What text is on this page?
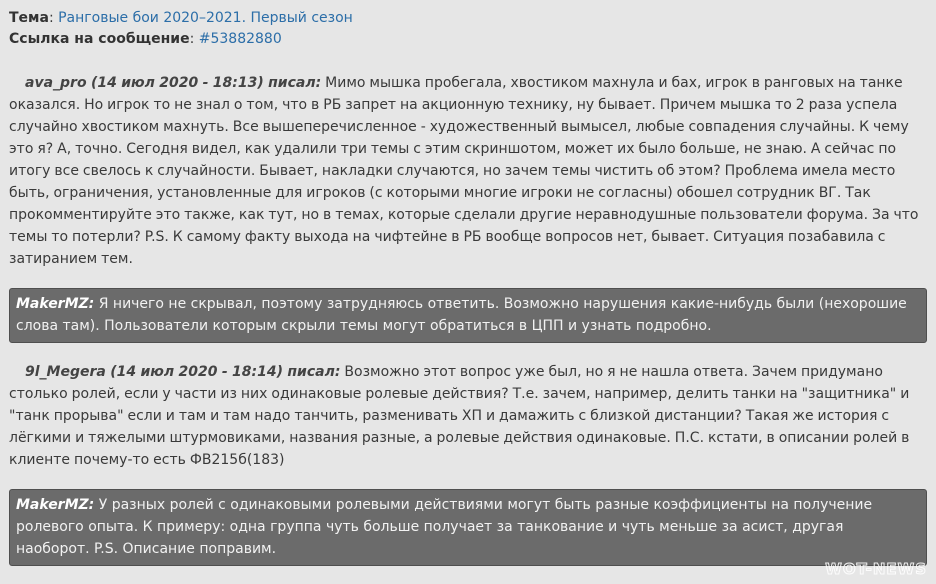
Тема: Ранговые бои 2020–2021. Первый сезон
Ссылка на сообщение: #53882880
ava_pro (14 июл 2020 - 18:13) писал: Мимо мышка пробегала, хвостиком махнула и бах, игрок в ранговых на танке оказался. Но игрок то не знал о том, что в РБ запрет на акционную технику, ну бывает. Причем мышка то 2 раза успела случайно хвостиком махнуть. Все вышеперечисленное - художественный вымысел, любые совпадения случайны. К чему это я? А, точно. Сегодня видел, как удалили три темы с этим скриншотом, может их было больше, не знаю. А сейчас по итогу все свелось к случайности. Бывает, накладки случаются, но зачем темы чистить об этом? Проблема имела место быть, ограничения, установленные для игроков (с которыми многие игроки не согласны) обошел сотрудник ВГ. Так прокомментируйте это также, как тут, но в темах, которые сделали другие неравнодушные пользователи форума. За что темы то потерли? P.S. К самому факту выхода на чифтейне в РБ вообще вопросов нет, бывает. Ситуация позабавила с затиранием тем.
MakerMZ: Я ничего не скрывал, поэтому затрудняюсь ответить. Возможно нарушения какие-нибудь были (нехорошие слова там). Пользователи которым скрыли темы могут обратиться в ЦПП и узнать подробно.
9l_Megera (14 июл 2020 - 18:14) писал: Возможно этот вопрос уже был, но я не нашла ответа. Зачем придумано столько ролей, если у части из них одинаковые ролевые действия? Т.е. зачем, например, делить танки на "защитника" и "танк прорыва" если и там и там надо танчить, разменивать ХП и дамажить с близкой дистанции? Такая же история с лёгкими и тяжелыми штурмовиками, названия разные, а ролевые действия одинаковые. П.С. кстати, в описании ролей в клиенте почему-то есть ФВ215б(183)
MakerMZ: У разных ролей с одинаковыми ролевыми действиями могут быть разные коэффициенты на получение ролевого опыта. К примеру: одна группа чуть больше получает за танкование и чуть меньше за асист, другая наоборот. P.S. Описание поправим.
WOT-NEWS
